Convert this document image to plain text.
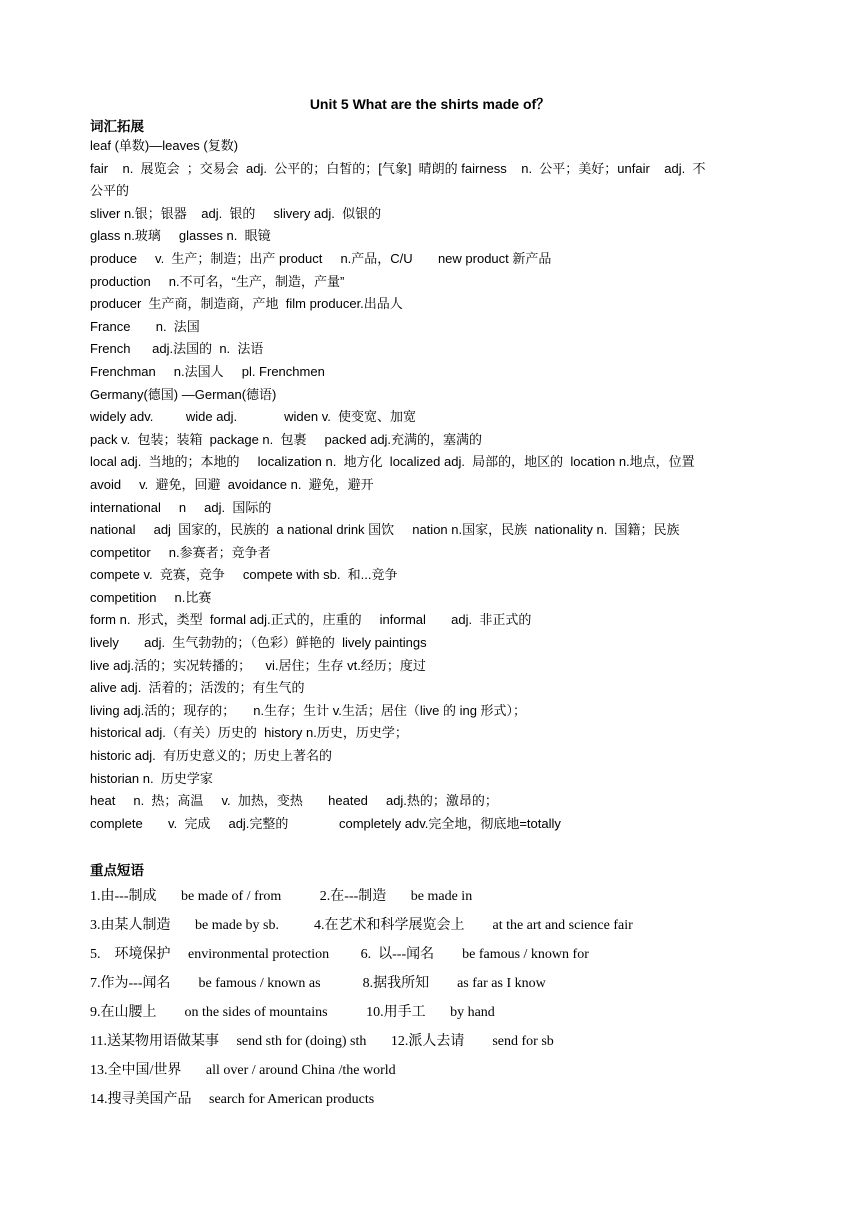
Unit 5 What are the shirts made of？
词汇拓展
leaf (单数)—leaves (复数)
fair    n.  展览会  ；交易会  adj.  公平的；白皙的；[气象]  晴朗的 fairness    n.  公平；美好；unfair    adj.  不
公平的
sliver n.银；银器    adj.  银的     slivery adj.  似银的
glass n.玻璃     glasses n.  眼镜
produce     v.  生产；制造；出产 product     n.产品，C/U       new product 新产品
production     n.不可名，“生产，制造，产量”
producer  生产商，制造商，产地  film producer.出品人
France       n.  法国
French      adj.法国的  n.  法语
Frenchman     n.法国人     pl. Frenchmen
Germany(德国) —German(德语)
widely adv.         wide adj.             widen v.  使变宽、加宽
pack v.  包装；装箱  package n.  包裹     packed adj.充满的，塞满的
local adj.  当地的；本地的     localization n.  地方化  localized adj.  局部的，地区的  location n.地点，位置
avoid     v.  避免，回避  avoidance n.  避免，避开
international     n     adj.  国际的
national     adj  国家的，民族的  a national drink 国饮     nation n.国家，民族  nationality n.  国籍；民族
competitor     n.参赛者；竞争者
compete v.  竞赛，竞争     compete with sb.  和...竞争
competition     n.比赛
form n.  形式，类型  formal adj.正式的，庄重的     informal       adj.  非正式的
lively       adj.  生气勃勃的；（色彩）鲜艳的  lively paintings
live adj.活的；实况转播的；    vi.居住；生存 vt.经历；度过
alive adj.  活着的；活泼的；有生气的
living adj.活的；现存的；     n.生存；生计 v.生活；居住（live 的 ing 形式）；
historical adj.（有关）历史的  history n.历史，历史学；
historic adj.  有历史意义的；历史上著名的
historian n.  历史学家
heat     n.  热；高温     v.  加热，变热       heated     adj.热的；激昂的；
complete       v.  完成     adj.完整的              completely adv.完全地，彻底地=totally
重点短语
1.由---制成       be made of / from           2.在---制造       be made in
3.由某人制造       be made by sb.          4.在艺术和科学展览会上        at the art and science fair
5.    环境保护     environmental protection         6.  以---闻名        be famous / known for
7.作为---闻名        be famous / known as            8.据我所知        as far as I know
9.在山腰上        on the sides of mountains           10.用手工       by hand
11.送某物用语做某事     send sth for (doing) sth       12.派人去请        send for sb
13.全中国/世界       all over / around China /the world
14.搜寻美国产品     search for American products
